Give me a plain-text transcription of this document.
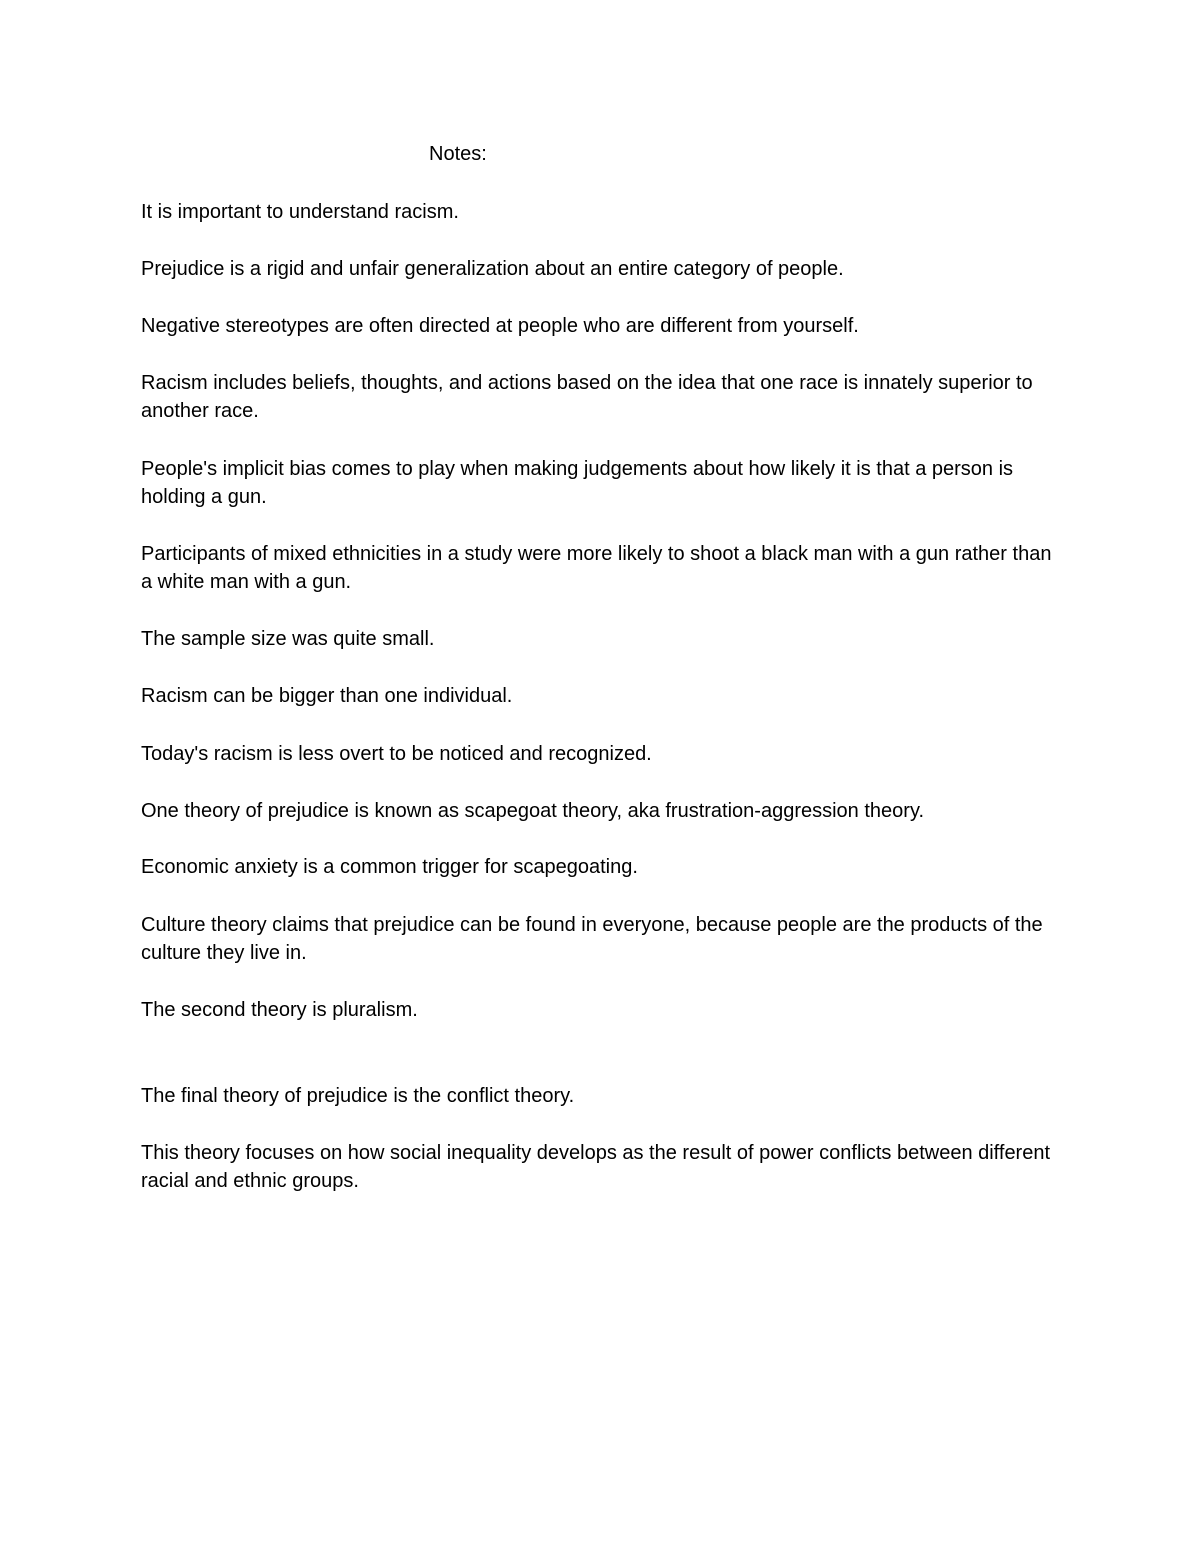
Notes:

It is important to understand racism.

Prejudice is a rigid and unfair generalization about an entire category of people.

Negative stereotypes are often directed at people who are different from yourself.

Racism includes beliefs, thoughts, and actions based on the idea that one race is innately superior to another race.

People's implicit bias comes to play when making judgements about how likely it is that a person is holding a gun.

Participants of mixed ethnicities in a study were more likely to shoot a black man with a gun rather than a white man with a gun.

The sample size was quite small.

Racism can be bigger than one individual.

Today's racism is less overt to be noticed and recognized.

One theory of prejudice is known as scapegoat theory, aka frustration-aggression theory.

Economic anxiety is a common trigger for scapegoating.

Culture theory claims that prejudice can be found in everyone, because people are the products of the culture they live in.

The second theory is pluralism.

The final theory of prejudice is the conflict theory.

This theory focuses on how social inequality develops as the result of power conflicts between different racial and ethnic groups.
